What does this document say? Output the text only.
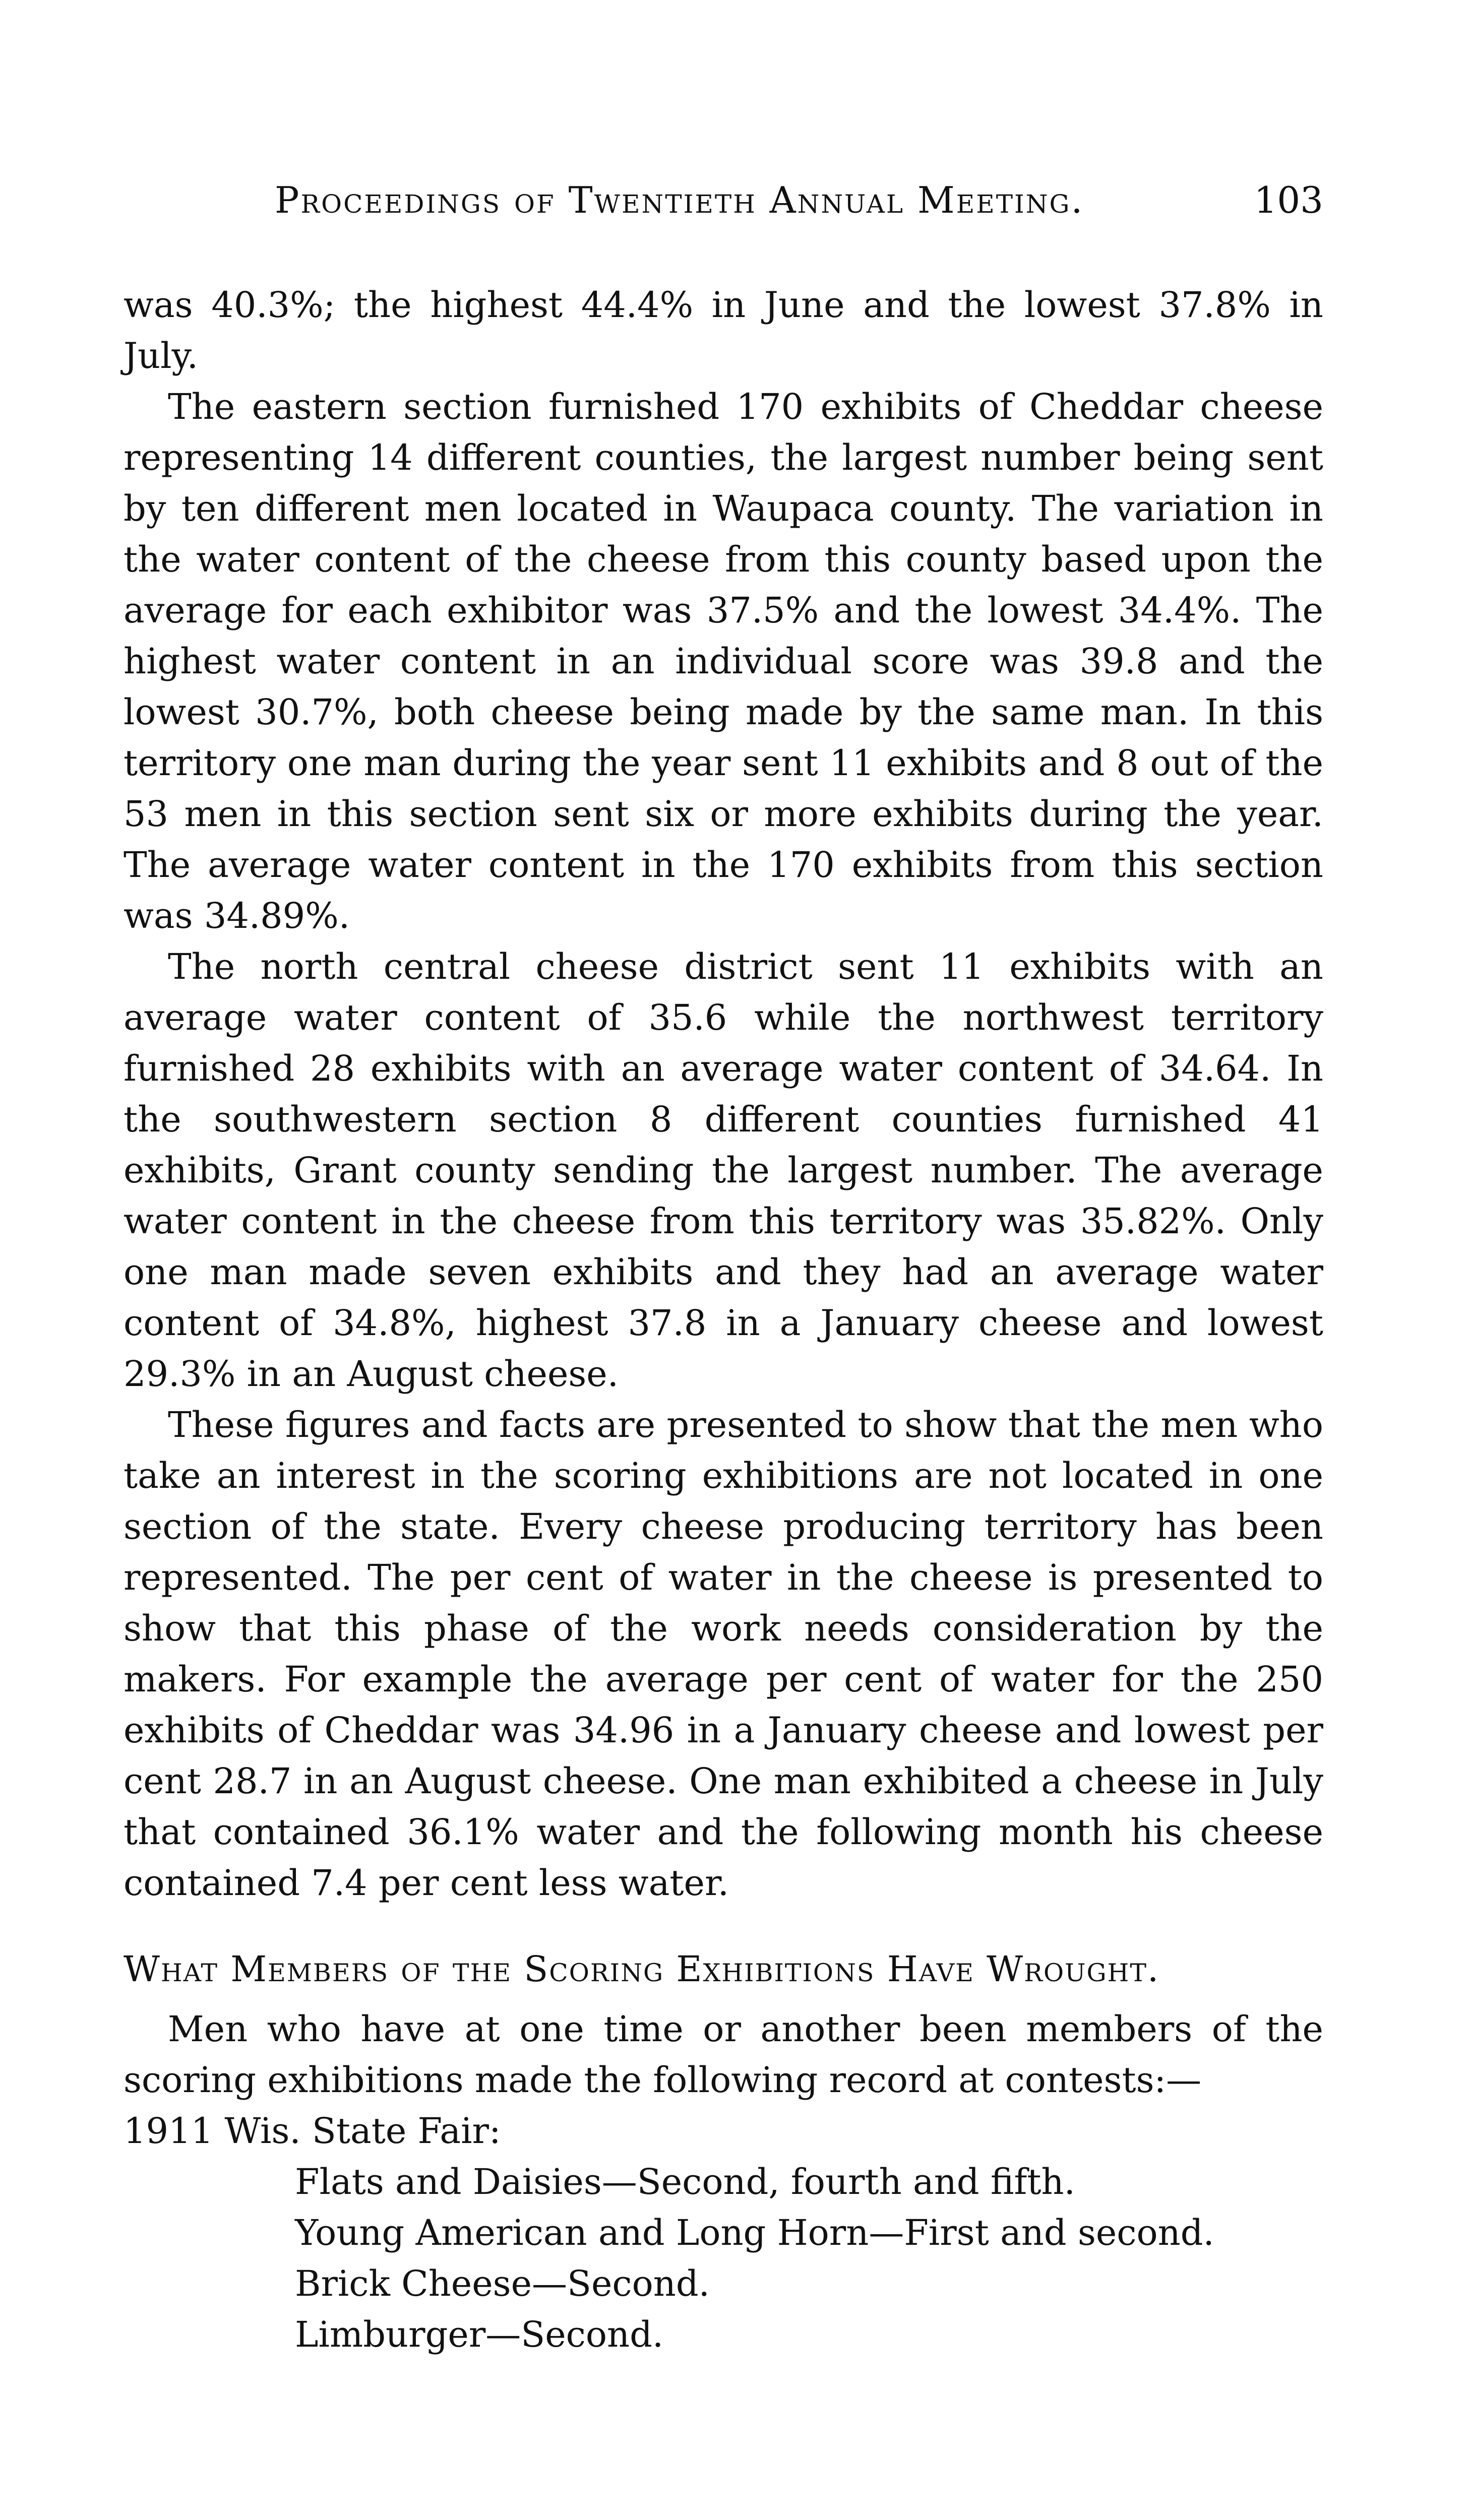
Proceedings of Twentieth Annual Meeting.	103

was 40.3%; the highest 44.4% in June and the lowest 37.8% in July.

The eastern section furnished 170 exhibits of Cheddar cheese representing 14 different counties, the largest number being sent by ten different men located in Waupaca county. The variation in the water content of the cheese from this county based upon the average for each exhibitor was 37.5% and the lowest 34.4%. The highest water content in an individual score was 39.8 and the lowest 30.7%, both cheese being made by the same man. In this territory one man during the year sent 11 exhibits and 8 out of the 53 men in this section sent six or more exhibits during the year. The average water content in the 170 exhibits from this section was 34.89%.

The north central cheese district sent 11 exhibits with an average water content of 35.6 while the northwest territory furnished 28 exhibits with an average water content of 34.64. In the southwestern section 8 different counties furnished 41 exhibits, Grant county sending the largest number. The average water content in the cheese from this territory was 35.82%. Only one man made seven exhibits and they had an average water content of 34.8%, highest 37.8 in a January cheese and lowest 29.3% in an August cheese.

These figures and facts are presented to show that the men who take an interest in the scoring exhibitions are not located in one section of the state. Every cheese producing territory has been represented. The per cent of water in the cheese is presented to show that this phase of the work needs consideration by the makers. For example the average per cent of water for the 250 exhibits of Cheddar was 34.96 in a January cheese and lowest per cent 28.7 in an August cheese. One man exhibited a cheese in July that contained 36.1% water and the following month his cheese contained 7.4 per cent less water.

What Members of the Scoring Exhibitions Have Wrought.

Men who have at one time or another been members of the scoring exhibitions made the following record at contests:—

1911 Wis. State Fair:

Flats and Daisies—Second, fourth and fifth.
Young American and Long Horn—First and second.
Brick Cheese—Second.
Limburger—Second.
